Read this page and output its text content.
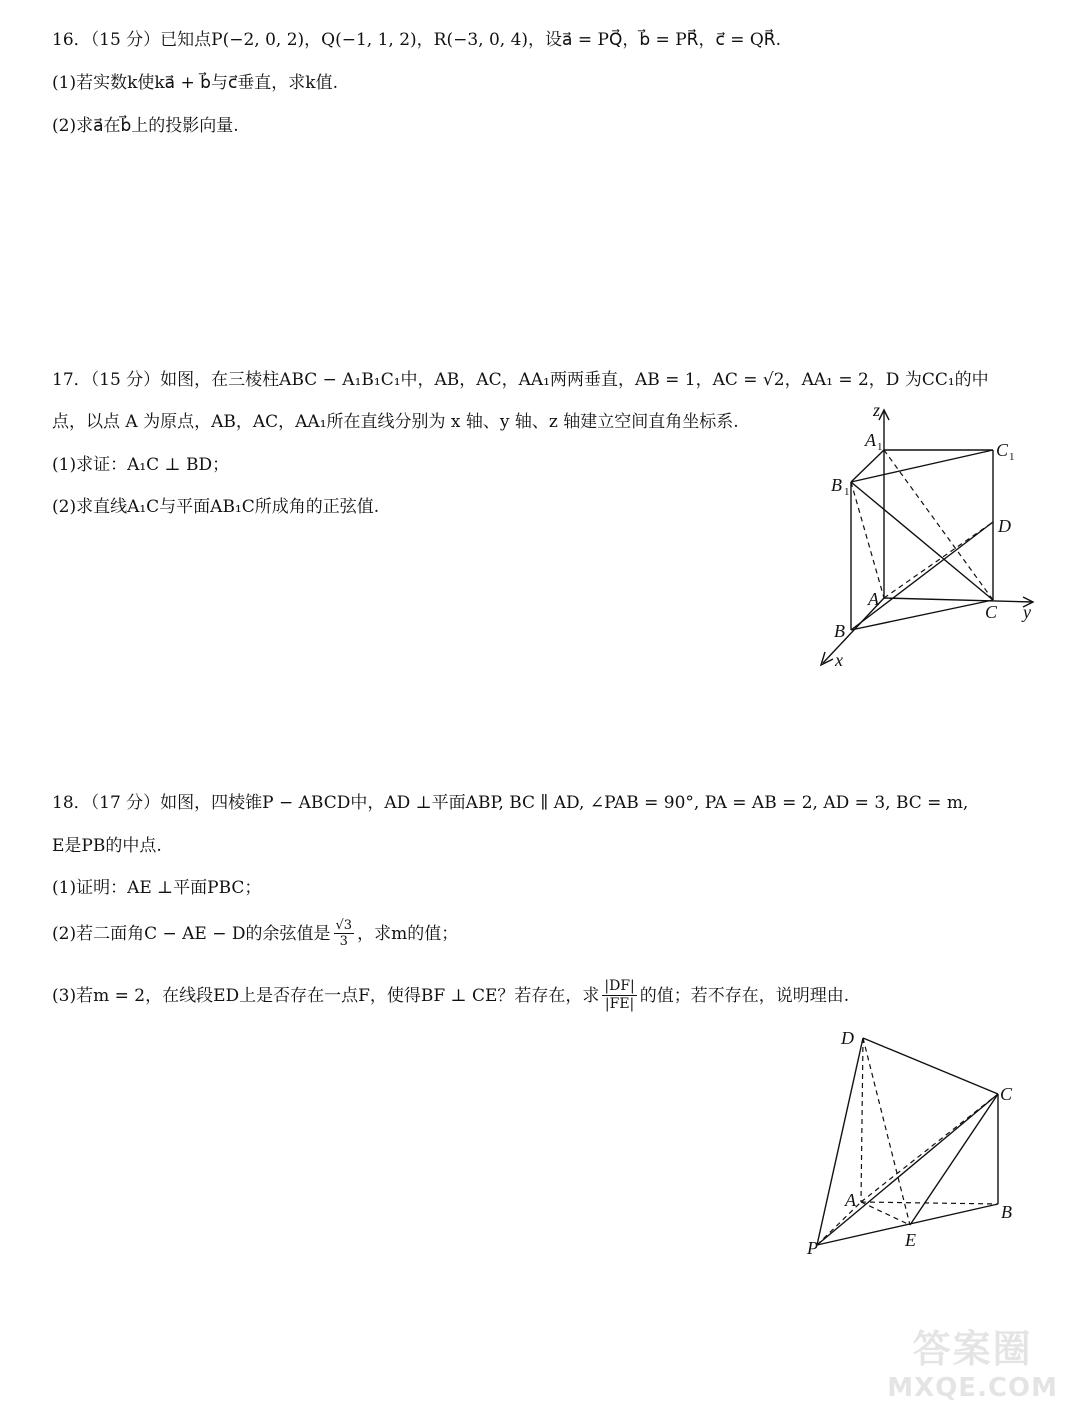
16．（15 分）已知点P(−2, 0, 2)，Q(−1, 1, 2)，R(−3, 0, 4)，设a⃗ = PQ⃗，b⃗ = PR⃗，c⃗ = QR⃗.
(1)若实数k使ka⃗ + b⃗与c⃗垂直，求k值.
(2)求a⃗在b⃗上的投影向量.
17．（15 分）如图，在三棱柱ABC − A₁B₁C₁中，AB，AC，AA₁两两垂直，AB = 1，AC = √2，AA₁ = 2，D 为CC₁的中
点，以点 A 为原点，AB，AC，AA₁所在直线分别为 x 轴、y 轴、z 轴建立空间直角坐标系.
(1)求证：A₁C ⊥ BD；
(2)求直线A₁C与平面AB₁C所成角的正弦值.
z
A 1	C 1
B 1
D
A
C y
B
x
18．（17 分）如图，四棱锥P − ABCD中，AD ⊥平面ABP, BC ∥ AD, ∠PAB = 90°, PA = AB = 2, AD = 3, BC = m,
E是PB的中点.
(1)证明：AE ⊥平面PBC；
(2)若二面角C − AE − D的余弦值是 √3
3 ，求m的值；
(3)若m = 2，在线段ED上是否存在一点F，使得BF ⊥ CE？若存在，求 |DF|
|FE| 的值；若不存在，说明理由.
D
C
A
B
E
P
答案圈
MXQE.COM
